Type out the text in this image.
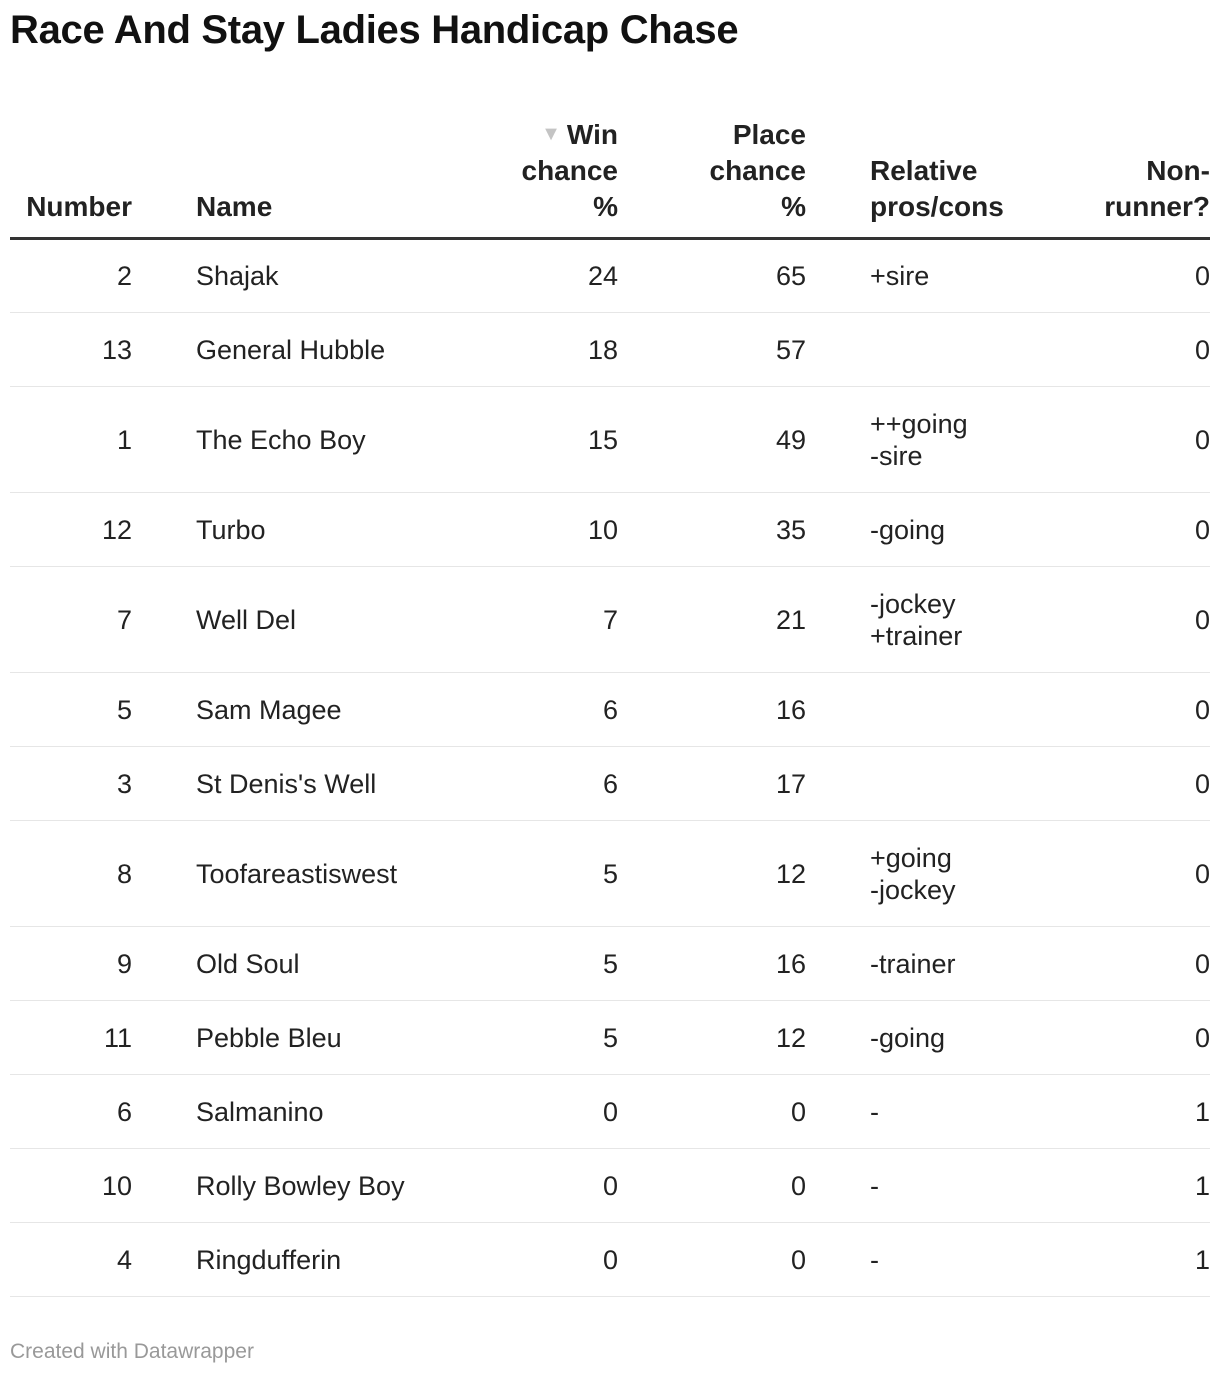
Race And Stay Ladies Handicap Chase
Number		Name	▼ Win
chance
%	Place
chance
%		Relative
pros/cons	Non-
runner?

2		Shajak	24	65		+sire	0
13		General Hubble	18	57			0
1		The Echo Boy	15	49		++going
-sire	0
12		Turbo	10	35		-going	0
7		Well Del	7	21		-jockey
+trainer	0
5		Sam Magee	6	16			0
3		St Denis's Well	6	17			0
8		Toofareastiswest	5	12		+going
-jockey	0
9		Old Soul	5	16		-trainer	0
11		Pebble Bleu	5	12		-going	0
6		Salmanino	0	0		-	1
10		Rolly Bowley Boy	0	0		-	1
4		Ringdufferin	0	0		-	1
Created with Datawrapper
